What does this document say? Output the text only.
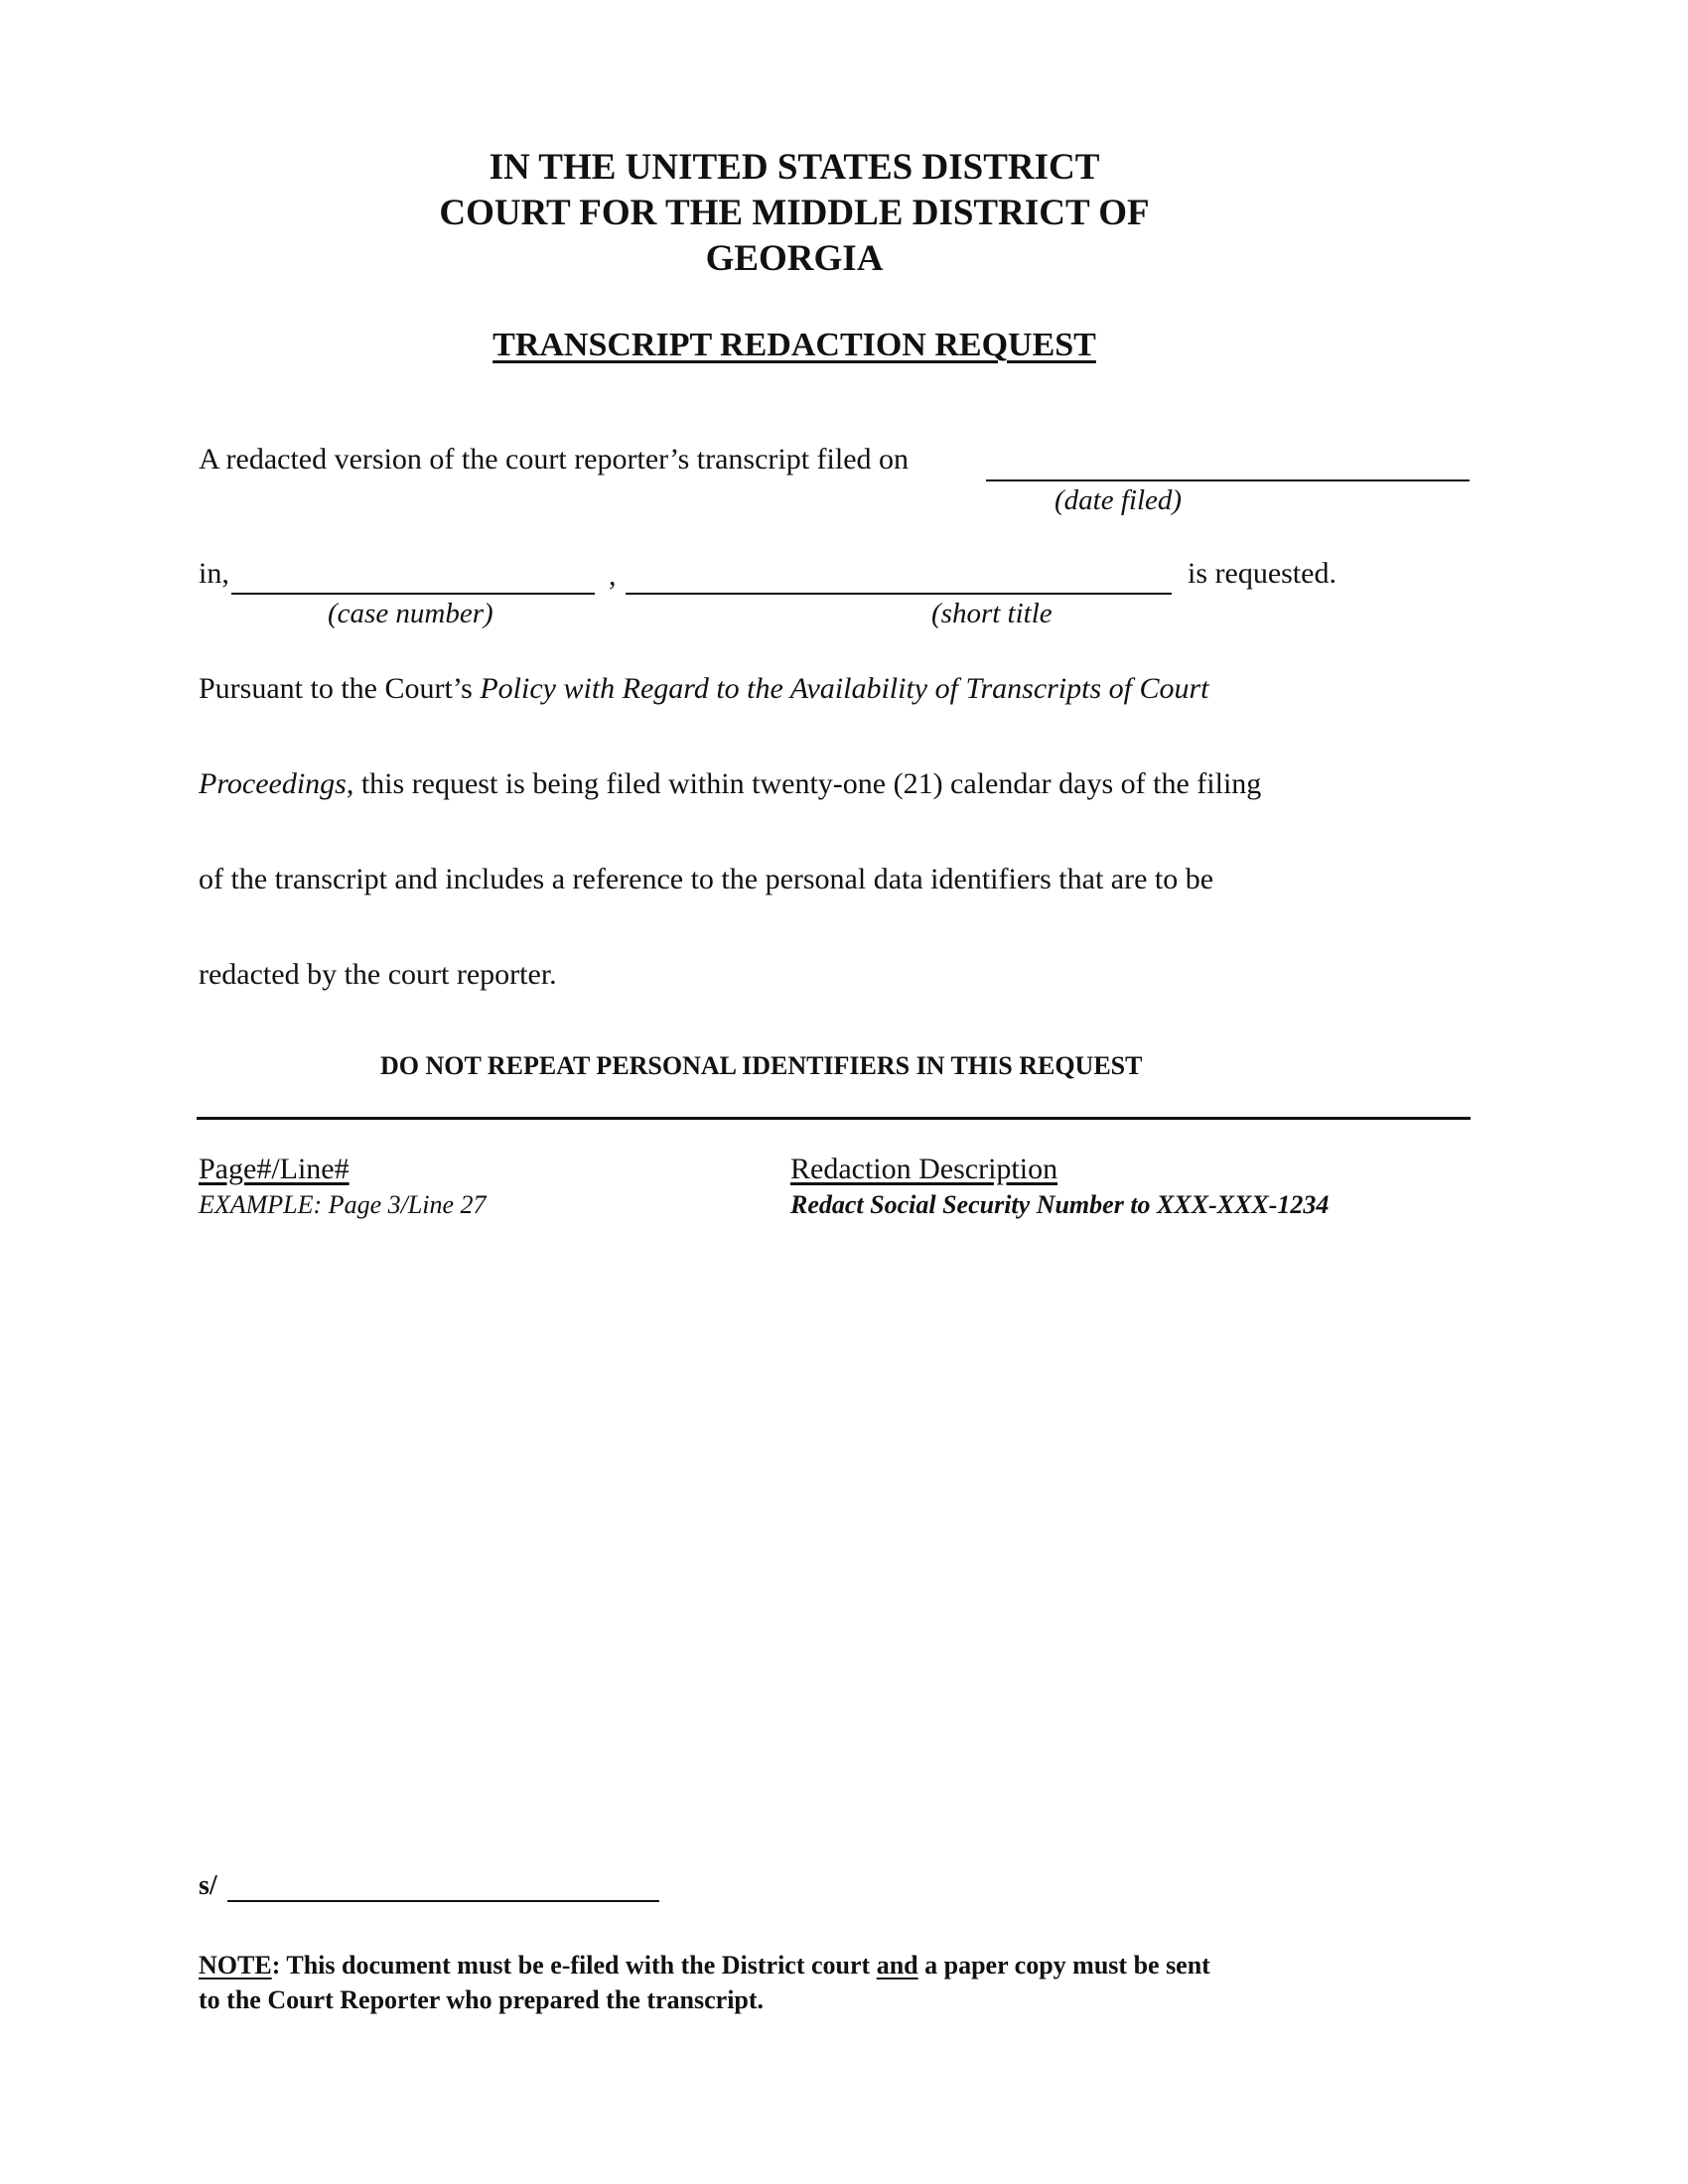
IN THE UNITED STATES DISTRICT
COURT FOR THE MIDDLE DISTRICT OF
GEORGIA
TRANSCRIPT REDACTION REQUEST
A redacted version of the court reporter’s transcript filed on
(date filed)
in,	,	is requested.
(case number)	(short title
Pursuant to the Court’s Policy with Regard to the Availability of Transcripts of Court
Proceedings, this request is being filed within twenty-one (21) calendar days of the filing
of the transcript and includes a reference to the personal data identifiers that are to be
redacted by the court reporter.
DO NOT REPEAT PERSONAL IDENTIFIERS IN THIS REQUEST
Page#/Line#	Redaction Description
EXAMPLE: Page 3/Line 27	Redact Social Security Number to XXX-XXX-1234
s/
NOTE: This document must be e-filed with the District court and a paper copy must be sent
to the Court Reporter who prepared the transcript.
